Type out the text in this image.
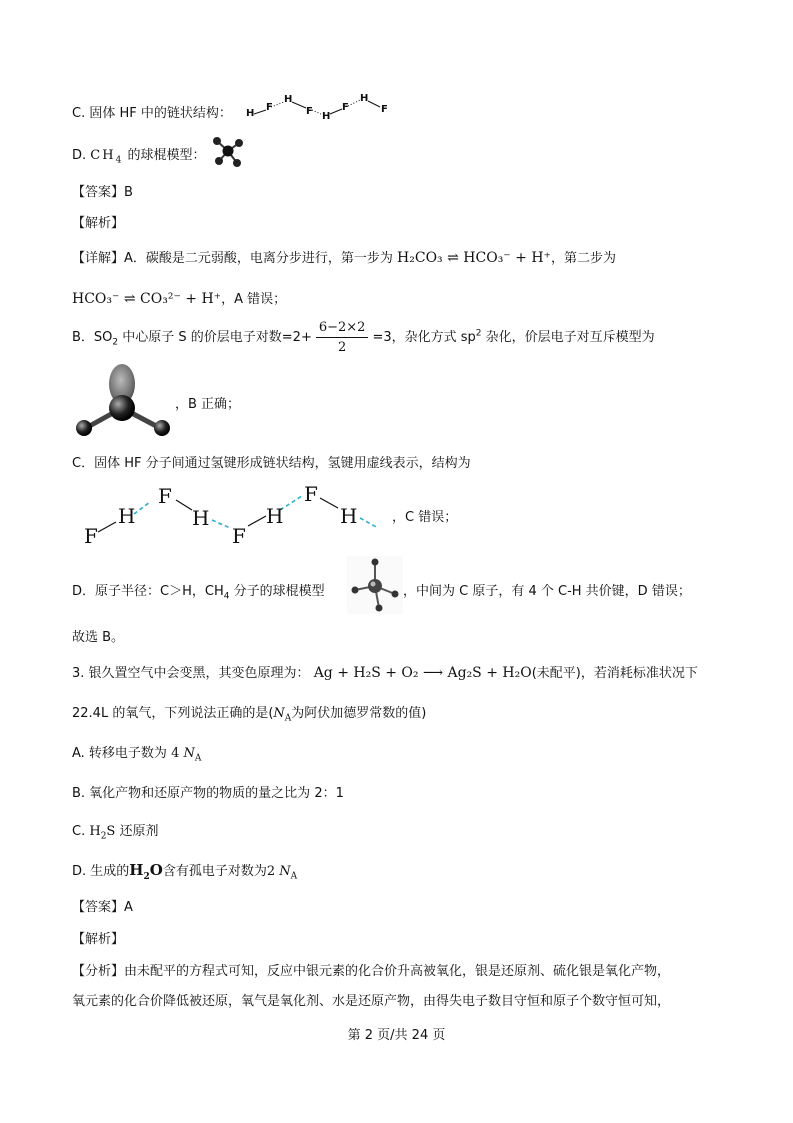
C. 固体 HF 中的链状结构： H
F
H
F H
F
H
F
D. $CH_4$ 的球棍模型：
【答案】B
【解析】
【详解】A．碳酸是二元弱酸，电离分步进行，第一步为 H₂CO₃ ⇌ HCO₃⁻ + H⁺，第二步为
HCO₃⁻ ⇌ CO₃²⁻ + H⁺，A 错误；
B．$SO_2$ 中心原子 S 的价层电子对数$=2+ \frac{6-2\times 2}{2} =3$，杂化方式 $sp^2$ 杂化，价层电子对互斥模型为
，B 正确；
C．固体 HF 分子间通过氢键形成链状结构，氢键用虚线表示，结构为
F
H
F
H
F
H
F
H	，C 错误；
D．原子半径：C＞H，$CH_4$ 分子的球棍模型	，中间为 C 原子，有 4 个 C-H 共价键，D 错误；
故选 B。
3. 银久置空气中会变黑，其变色原理为： Ag + H₂S + O₂ ⟶ Ag₂S + H₂O(未配平)，若消耗标准状况下
22.4L 的氧气，下列说法正确的是($N_A$为阿伏加德罗常数的值)
A. 转移电子数为 4 $N_A$
B. 氧化产物和还原产物的物质的量之比为 2：1
C. $H_2S$ 还原剂
D. 生成的$H_2O$含有孤电子对数为2 $N_A$
【答案】A
【解析】
【分析】由未配平的方程式可知，反应中银元素的化合价升高被氧化，银是还原剂、硫化银是氧化产物，
氧元素的化合价降低被还原，氧气是氧化剂、水是还原产物，由得失电子数目守恒和原子个数守恒可知，
第 2 页/共 24 页
